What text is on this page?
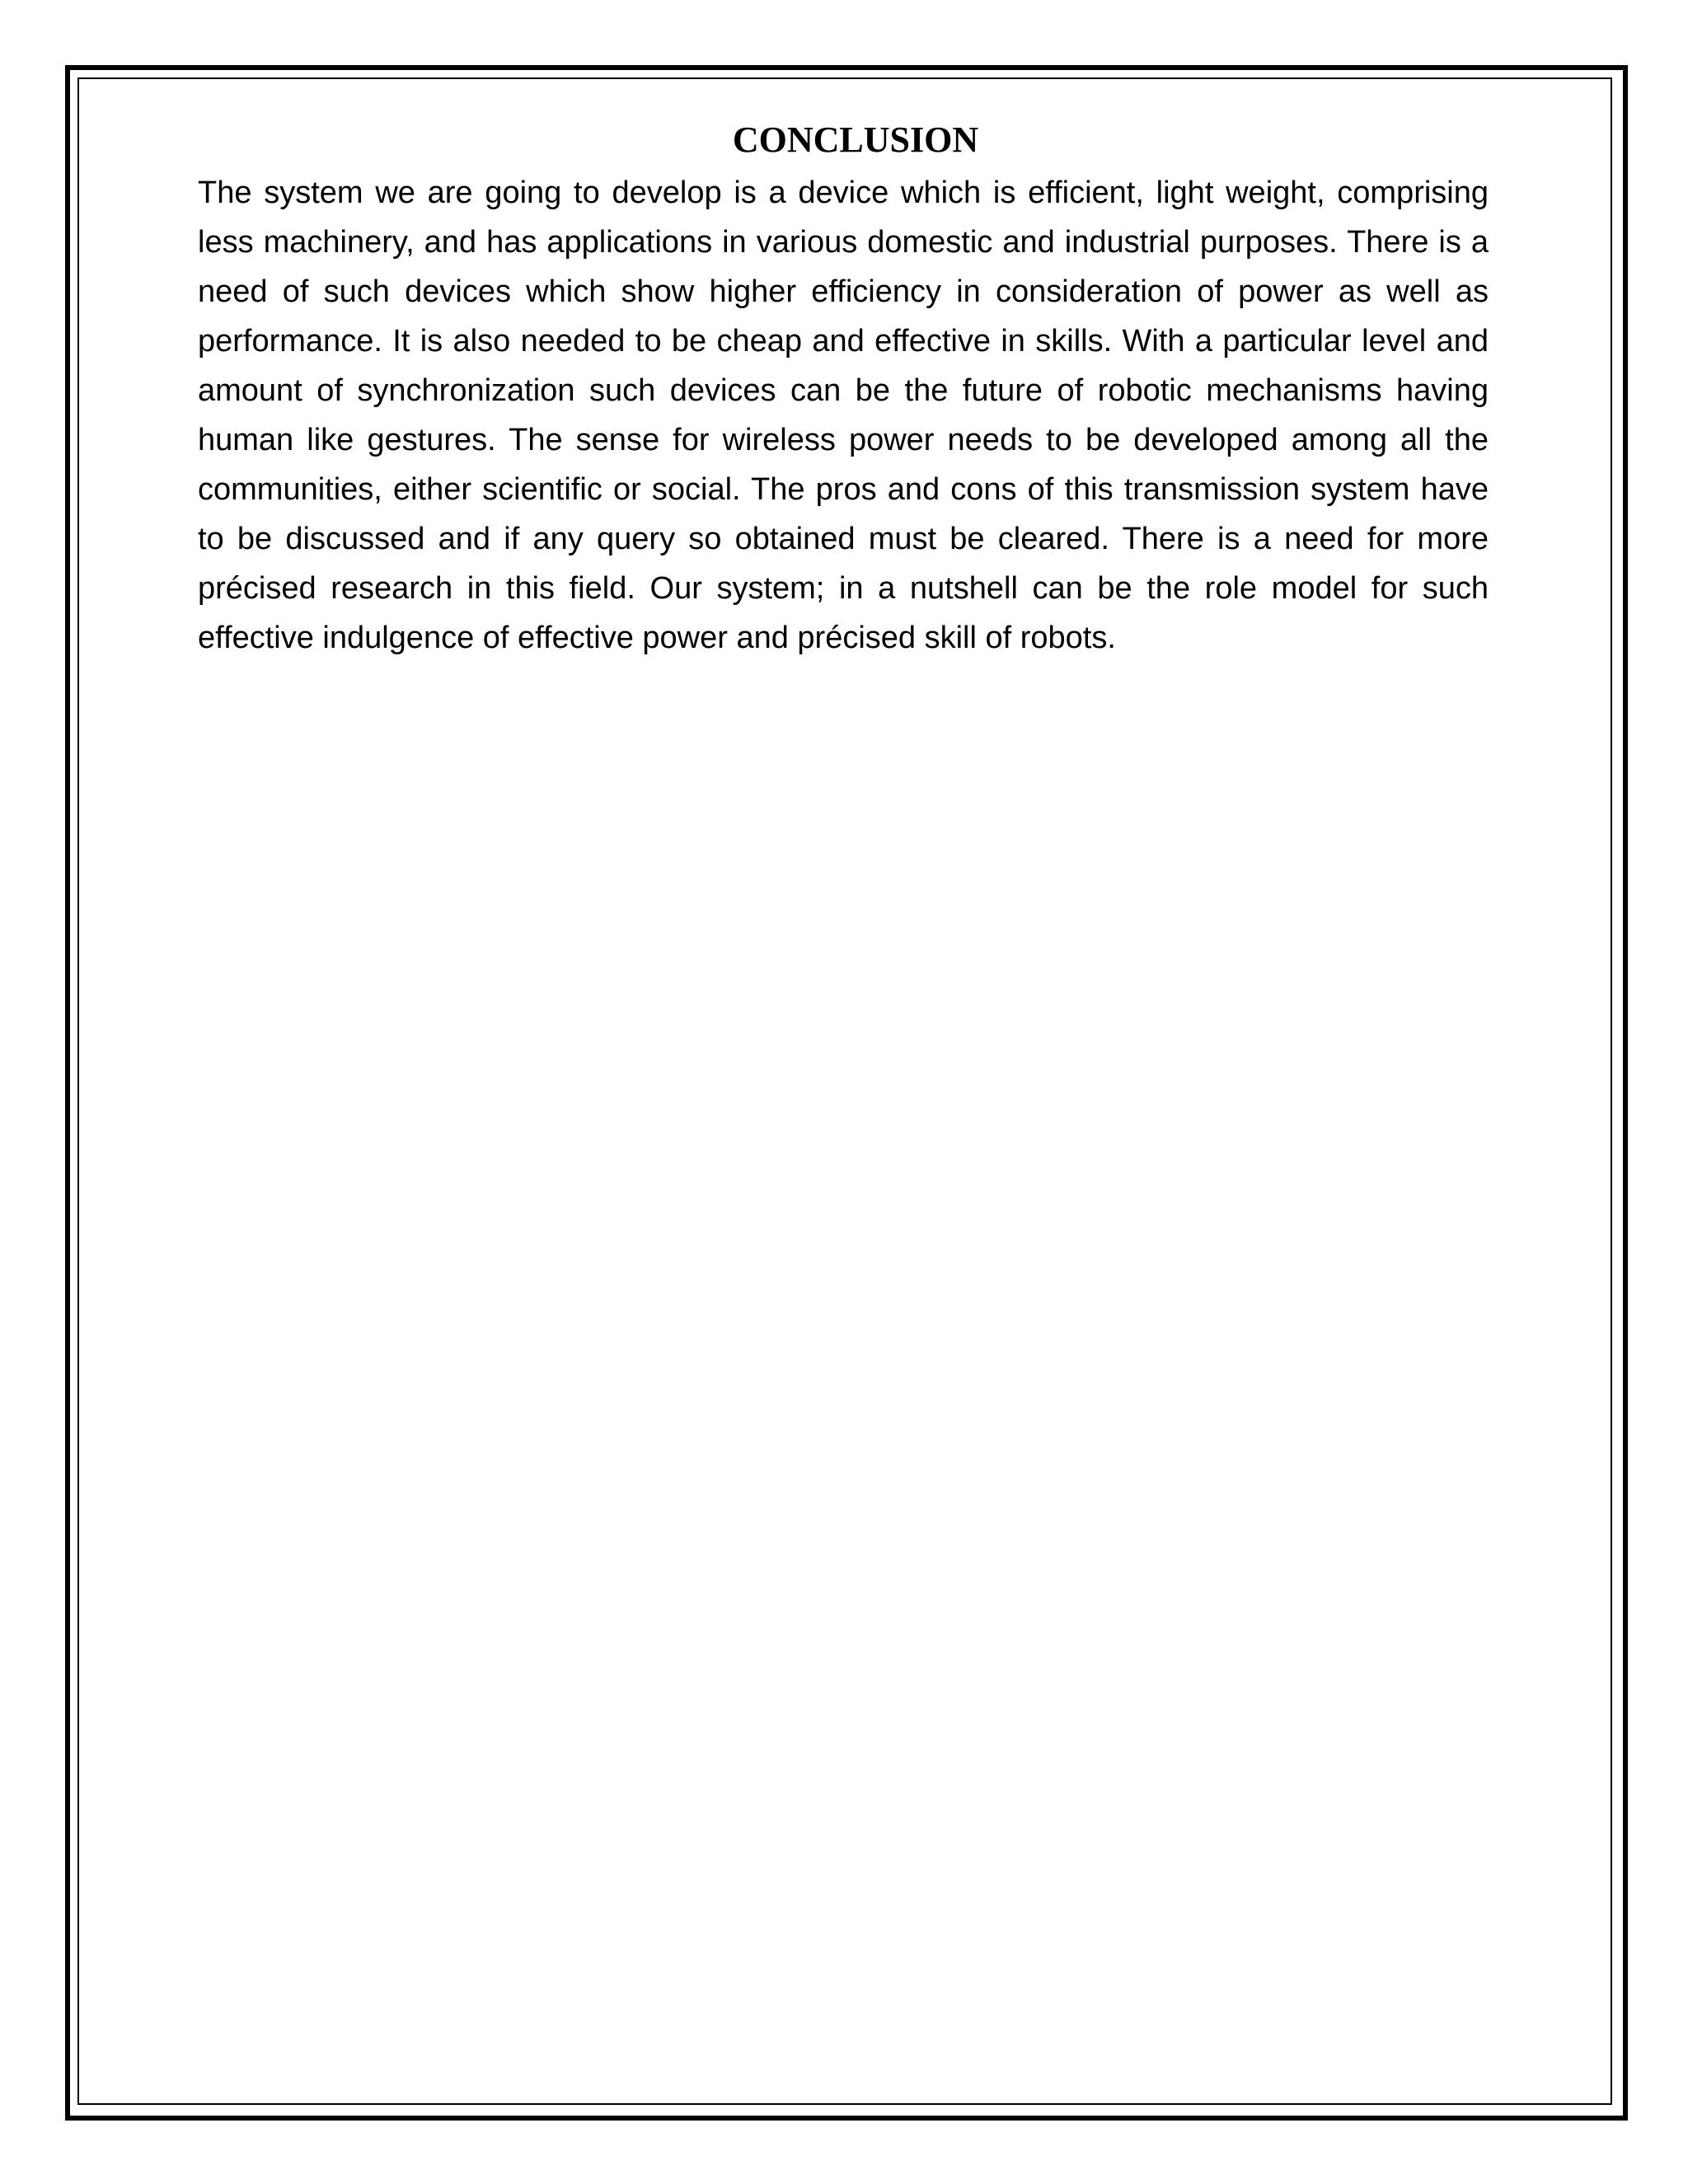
CONCLUSION

The system we are going to develop is a device which is efficient, light weight, comprising less machinery, and has applications in various domestic and industrial purposes. There is a need of such devices which show higher efficiency in consideration of power as well as performance. It is also needed to be cheap and effective in skills. With a particular level and amount of synchronization such devices can be the future of robotic mechanisms having human like gestures. The sense for wireless power needs to be developed among all the communities, either scientific or social. The pros and cons of this transmission system have to be discussed and if any query so obtained must be cleared. There is a need for more précised research in this field. Our system; in a nutshell can be the role model for such effective indulgence of effective power and précised skill of robots.
